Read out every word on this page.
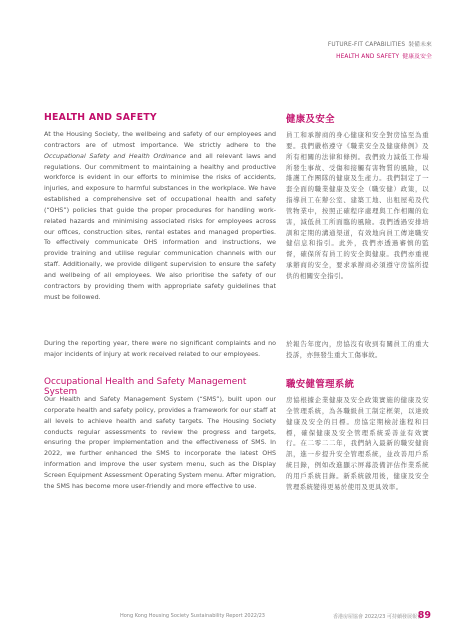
FUTURE-FIT CAPABILITIES 裝備未來
HEALTH AND SAFETY 健康及安全
HEALTH AND SAFETY	健康及安全

At the Housing Society, the wellbeing and safety of our employees and contractors are of utmost importance. We strictly adhere to the Occupational Safety and Health Ordinance and all relevant laws and regulations. Our commitment to maintaining a healthy and productive workforce is evident in our efforts to minimise the risks of accidents, injuries, and exposure to harmful substances in the workplace. We have established a comprehensive set of occupational health and safety (“OHS”) policies that guide the proper procedures for handling work-related hazards and minimising associated risks for employees across our offices, construction sites, rental estates and managed properties. To effectively communicate OHS information and instructions, we provide training and utilise regular communication channels with our staff. Additionally, we provide diligent supervision to ensure the safety and wellbeing of all employees. We also prioritise the safety of our contractors by providing them with appropriate safety guidelines that must be followed.

員工和承辦商的身心健康和安全對房協至為重要。我們嚴格遵守《職業安全及健康條例》及所有相關的法律和條例。我們致力減低工作場所發生事故、受傷和接觸有害物質的風險，以維護工作團隊的健康及生產力。我們制定了一套全面的職業健康及安全（職安健）政策，以指導員工在辦公室、建築工地、出租屋苑及代管物業中，按照正確程序處理與工作相關的危害，減低員工所面臨的風險。我們透過安排培訓和定期的溝通渠道，有效地向員工傳達職安健信息和指引。此外，我們亦透過審慎的監督，確保所有員工的安全與健康。我們亦重視承辦商的安全，要求承辦商必須遵守房協所提供的相關安全指引。

During the reporting year, there were no significant complaints and no major incidents of injury at work received related to our employees.

於報告年度內，房協沒有收到有關員工的重大投訴，亦無發生重大工傷事故。

Occupational Health and Safety Management System
職安健管理系統

Our Health and Safety Management System (“SMS”), built upon our corporate health and safety policy, provides a framework for our staff at all levels to achieve health and safety targets. The Housing Society conducts regular assessments to review the progress and targets, ensuring the proper implementation and the effectiveness of SMS. In 2022, we further enhanced the SMS to incorporate the latest OHS information and improve the user system menu, such as the Display Screen Equipment Assessment Operating System menu. After migration, the SMS has become more user-friendly and more effective to use.

房協根據企業健康及安全政策實施的健康及安全管理系統，為各職級員工制定框架，以達致健康及安全的目標。房協定期檢討進程和目標，確保健康及安全管理系統妥善並有效實行。在二零二二年，我們納入最新的職安健資訊，進一步提升安全管理系統，並改善用戶系統目錄，例如改進顯示屏幕設備評估作業系統的用戶系統目錄。新系統啟用後，健康及安全管理系統變得更易於使用及更具效率。

Hong Kong Housing Society Sustainability Report 2022/23	香港房屋協會 2022/23 可持續發展報告
89
